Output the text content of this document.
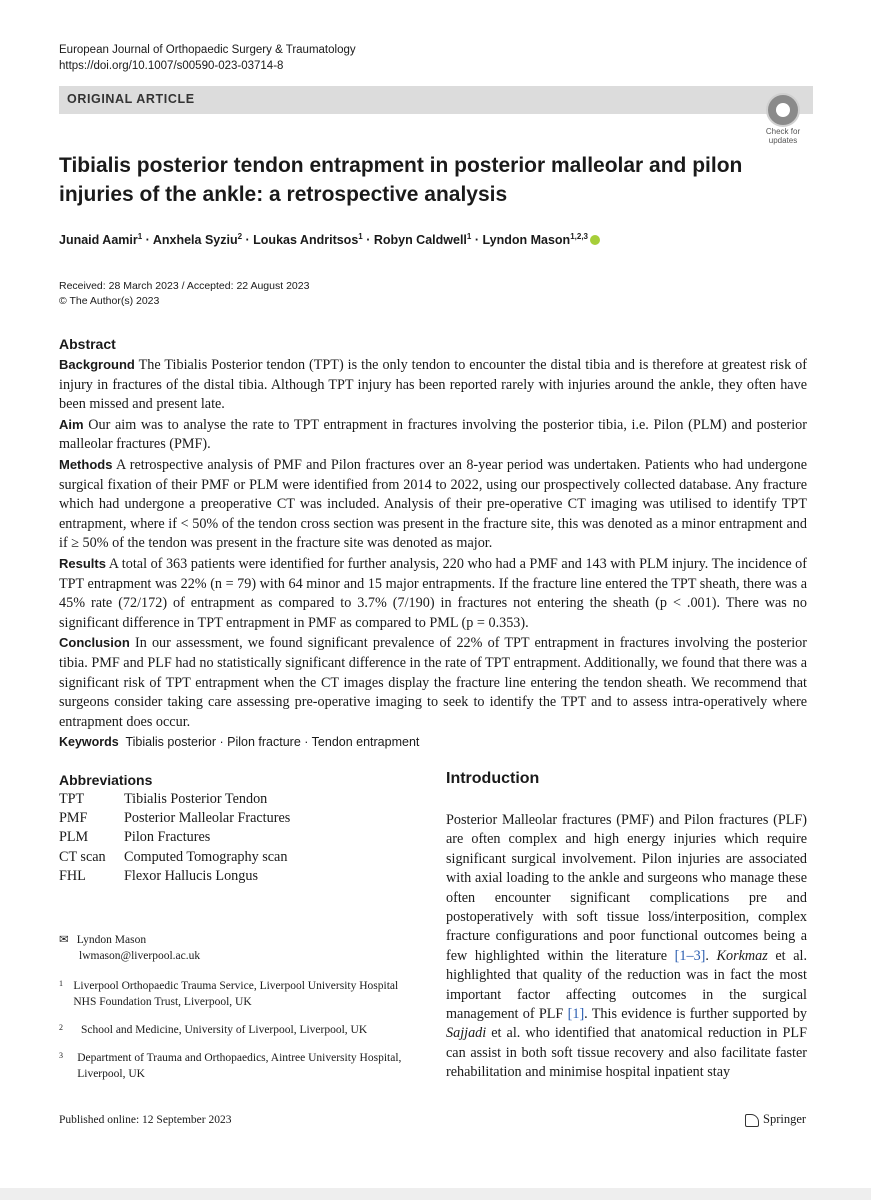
European Journal of Orthopaedic Surgery & Traumatology
https://doi.org/10.1007/s00590-023-03714-8
ORIGINAL ARTICLE
Check for
updates
Tibialis posterior tendon entrapment in posterior malleolar and pilon injuries of the ankle: a retrospective analysis
Junaid Aamir$^1$ · Anxhela Syziu$^2$ · Loukas Andritsos$^1$ · Robyn Caldwell$^1$ · Lyndon Mason$^{1,2,3}$
Received: 28 March 2023 / Accepted: 22 August 2023
© The Author(s) 2023
Abstract

Background The Tibialis Posterior tendon (TPT) is the only tendon to encounter the distal tibia and is therefore at greatest risk of injury in fractures of the distal tibia. Although TPT injury has been reported rarely with injuries around the ankle, they often have been missed and present late.

Aim Our aim was to analyse the rate to TPT entrapment in fractures involving the posterior tibia, i.e. Pilon (PLM) and posterior malleolar fractures (PMF).

Methods A retrospective analysis of PMF and Pilon fractures over an 8-year period was undertaken. Patients who had undergone surgical fixation of their PMF or PLM were identified from 2014 to 2022, using our prospectively collected database. Any fracture which had undergone a preoperative CT was included. Analysis of their pre-operative CT imaging was utilised to identify TPT entrapment, where if < 50% of the tendon cross section was present in the fracture site, this was denoted as a minor entrapment and if ≥ 50% of the tendon was present in the fracture site was denoted as major.

Results A total of 363 patients were identified for further analysis, 220 who had a PMF and 143 with PLM injury. The incidence of TPT entrapment was 22% (n = 79) with 64 minor and 15 major entrapments. If the fracture line entered the TPT sheath, there was a 45% rate (72/172) of entrapment as compared to 3.7% (7/190) in fractures not entering the sheath (p < .001). There was no significant difference in TPT entrapment in PMF as compared to PML (p = 0.353).

Conclusion In our assessment, we found significant prevalence of 22% of TPT entrapment in fractures involving the posterior tibia. PMF and PLF had no statistically significant difference in the rate of TPT entrapment. Additionally, we found that there was a significant risk of TPT entrapment when the CT images display the fracture line entering the tendon sheath. We recommend that surgeons consider taking care assessing pre-operative imaging to seek to identify the TPT and to assess intra-operatively where entrapment does occur.

Keywords Tibialis posterior · Pilon fracture · Tendon entrapment
Abbreviations
TPT	Tibialis Posterior Tendon
PMF	Posterior Malleolar Fractures
PLM	Pilon Fractures
CT scan	Computed Tomography scan
FHL	Flexor Hallucis Longus
✉ Lyndon Mason
lwmason@liverpool.ac.uk
1 Liverpool Orthopaedic Trauma Service, Liverpool University Hospital NHS Foundation Trust, Liverpool, UK
2	School and Medicine, University of Liverpool, Liverpool, UK
3	Department of Trauma and Orthopaedics, Aintree University Hospital, Liverpool, UK
Published online: 12 September 2023	Springer
Introduction

Posterior Malleolar fractures (PMF) and Pilon fractures (PLF) are often complex and high energy injuries which require significant surgical involvement. Pilon injuries are associated with axial loading to the ankle and surgeons who manage these often encounter significant complications pre and postoperatively with soft tissue loss/interposition, complex fracture configurations and poor functional outcomes being a few highlighted within the literature [1–3]. Korkmaz et al. highlighted that quality of the reduction was in fact the most important factor affecting outcomes in the surgical management of PLF [1]. This evidence is further supported by Sajjadi et al. who identified that anatomical reduction in PLF can assist in both soft tissue recovery and also facilitate faster rehabilitation and minimise hospital inpatient stay
